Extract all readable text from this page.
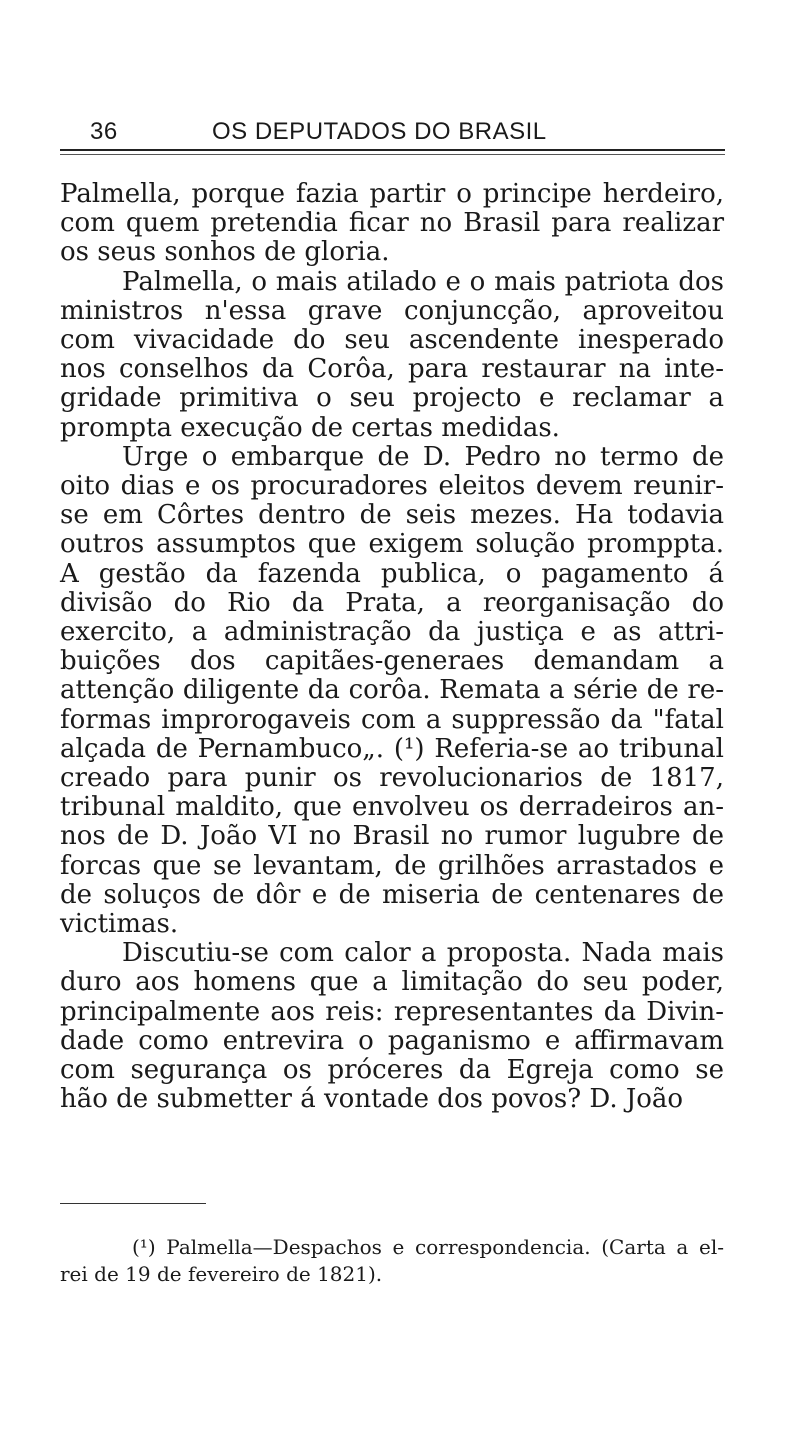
36	OS DEPUTADOS DO BRASIL

Palmella, porque fazia partir o principe herdeiro, com quem pretendia ficar no Brasil para realizar os seus sonhos de gloria.

Palmella, o mais atilado e o mais patriota dos ministros n'essa grave conjuncção, aproveitou com vivacidade do seu ascendente inesperado nos conselhos da Corôa, para restaurar na integridade primitiva o seu projecto e reclamar a prompta execução de certas medidas.

Urge o embarque de D. Pedro no termo de oito dias e os procuradores eleitos devem reunir-se em Côrtes dentro de seis mezes. Ha todavia outros assumptos que exigem solução promppta. A gestão da fazenda publica, o pagamento á divisão do Rio da Prata, a reorganisação do exercito, a administração da justiça e as attribuições dos capitães-generaes demandam a attenção diligente da corôa. Remata a série de reformas improrogaveis com a suppressão da "fatal alçada de Pernambuco„. (¹) Referia-se ao tribunal creado para punir os revolucionarios de 1817, tribunal maldito, que envolveu os derradeiros annos de D. João VI no Brasil no rumor lugubre de forcas que se levantam, de grilhões arrastados e de soluços de dôr e de miseria de centenares de victimas.

Discutiu-se com calor a proposta. Nada mais duro aos homens que a limitação do seu poder, principalmente aos reis: representantes da Divindade como entrevira o paganismo e affirmavam com segurança os próceres da Egreja como se hão de submetter á vontade dos povos? D. João

(¹) Palmella—Despachos e correspondencia. (Carta a el-rei de 19 de fevereiro de 1821).
